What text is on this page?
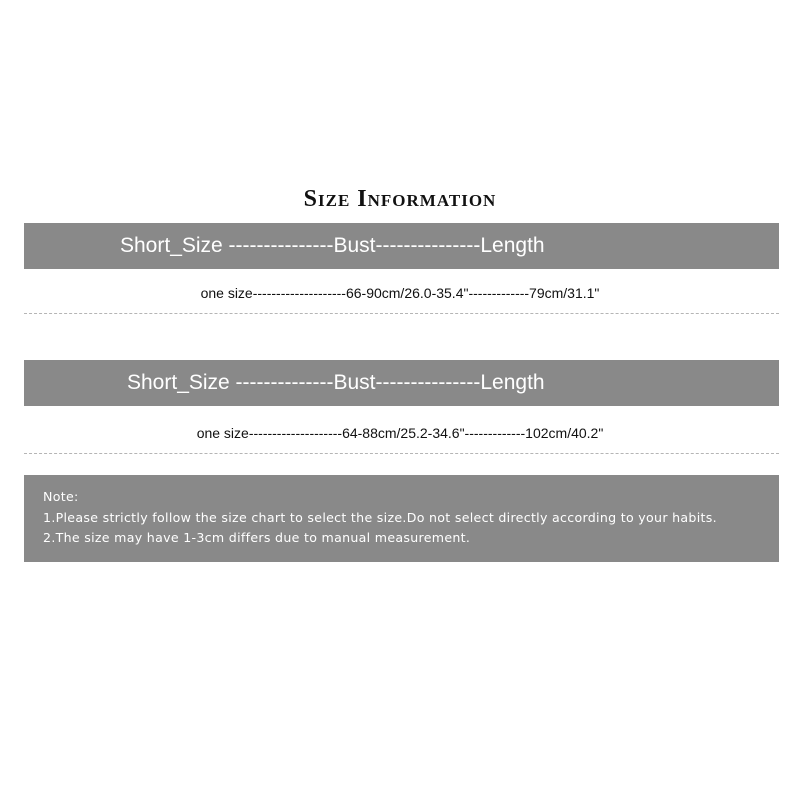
Size Information
Short_Size ---------------Bust---------------Length
one size--------------------66-90cm/26.0-35.4"-------------79cm/31.1"
Short_Size --------------Bust---------------Length
one size--------------------64-88cm/25.2-34.6"-------------102cm/40.2"
Note:
1.Please strictly follow the size chart to select the size.Do not select directly according to your habits.
2.The size may have 1-3cm differs due to manual measurement.
